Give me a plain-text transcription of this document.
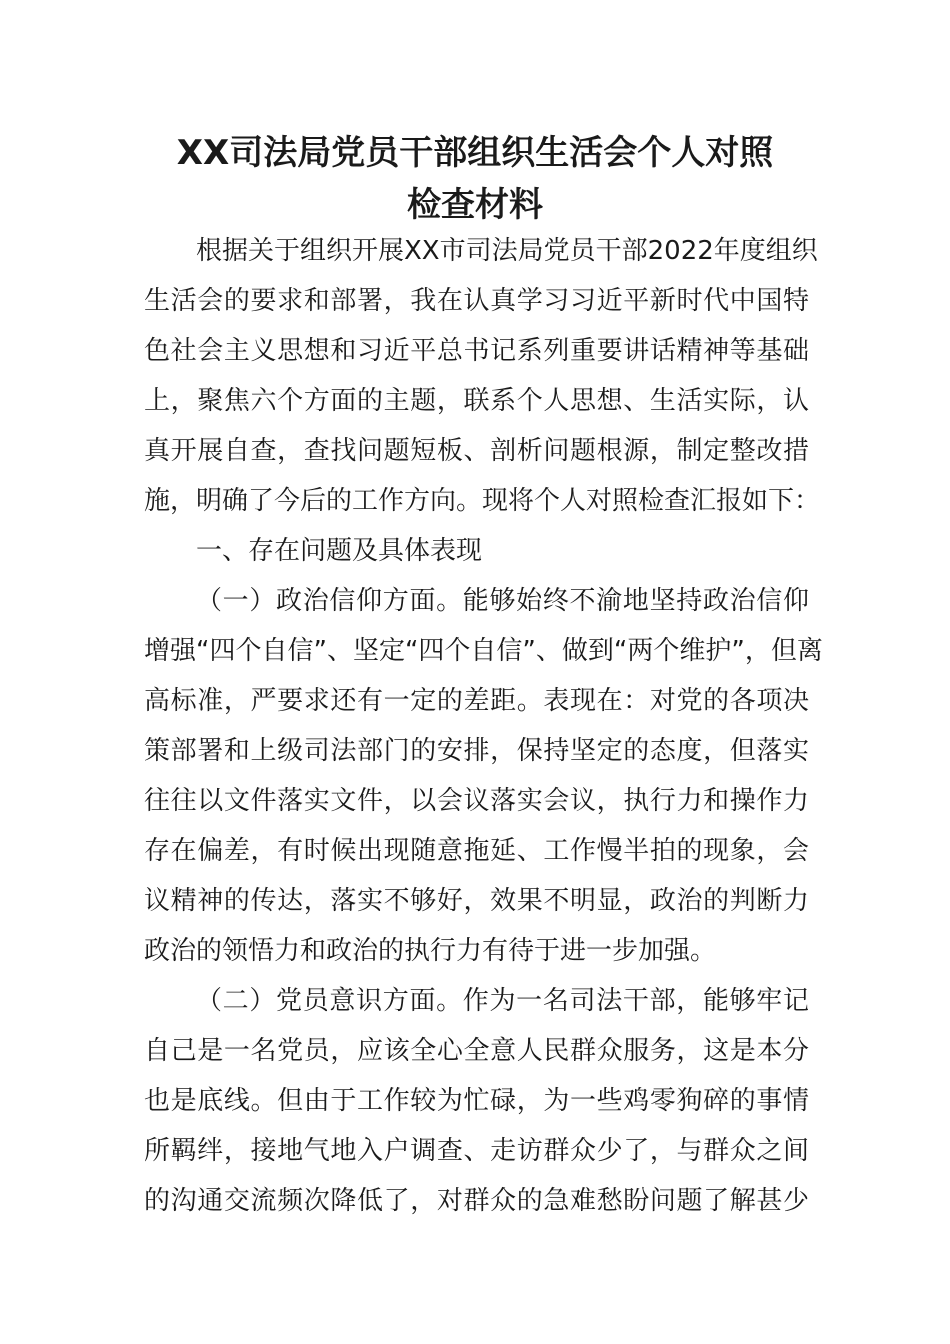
XX司法局党员干部组织生活会个人对照
检查材料
根据关于组织开展XX市司法局党员干部2022年度组织
生活会的要求和部署，我在认真学习习近平新时代中国特
色社会主义思想和习近平总书记系列重要讲话精神等基础
上，聚焦六个方面的主题，联系个人思想、生活实际，认
真开展自查，查找问题短板、剖析问题根源，制定整改措
施，明确了今后的工作方向。现将个人对照检查汇报如下：
一、存在问题及具体表现
（一）政治信仰方面。能够始终不渝地坚持政治信仰
增强“四个自信”、坚定“四个自信”、做到“两个维护”，但离
高标准，严要求还有一定的差距。表现在：对党的各项决
策部署和上级司法部门的安排，保持坚定的态度，但落实
往往以文件落实文件，以会议落实会议，执行力和操作力
存在偏差，有时候出现随意拖延、工作慢半拍的现象，会
议精神的传达，落实不够好，效果不明显，政治的判断力
政治的领悟力和政治的执行力有待于进一步加强。
（二）党员意识方面。作为一名司法干部，能够牢记
自己是一名党员，应该全心全意人民群众服务，这是本分
也是底线。但由于工作较为忙碌，为一些鸡零狗碎的事情
所羁绊，接地气地入户调查、走访群众少了，与群众之间
的沟通交流频次降低了，对群众的急难愁盼问题了解甚少
